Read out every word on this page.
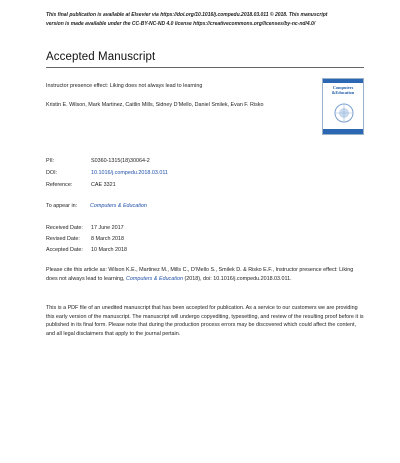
This final publication is available at Elsevier via https://doi.org/10.1016/j.compedu.2018.03.011 © 2018. This manuscript
version is made available under the CC-BY-NC-ND 4.0 license https://creativecommons.org/licenses/by-nc-nd/4.0/
Accepted Manuscript
Instructor presence effect: Liking does not always lead to learning
Kristin E. Wilson, Mark Martinez, Caitlin Mills, Sidney D’Mello, Daniel Smilek, Evan F. Risko
Computers
&Education
PII:	S0360-1315(18)30064-2
DOI:	10.1016/j.compedu.2018.03.011
Reference:	CAE 3321
To appear in: Computers & Education
Received Date: 17 June 2017
Revised Date: 8 March 2018
Accepted Date: 10 March 2018
Please cite this article as: Wilson K.E., Martinez M., Mills C., D’Mello S., Smilek D. & Risko E.F., Instructor presence effect: Liking does not always lead to learning, Computers & Education (2018), doi: 10.1016/j.compedu.2018.03.011.
This is a PDF file of an unedited manuscript that has been accepted for publication. As a service to our customers we are providing this early version of the manuscript. The manuscript will undergo copyediting, typesetting, and review of the resulting proof before it is published in its final form. Please note that during the production process errors may be discovered which could affect the content, and all legal disclaimers that apply to the journal pertain.
